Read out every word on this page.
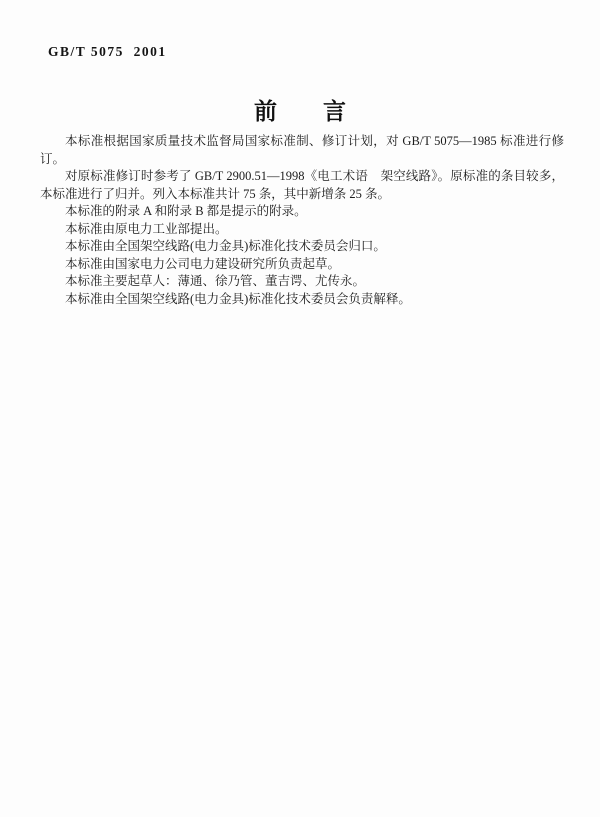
GB/T 5075  2001
前　　言

本标准根据国家质量技术监督局国家标准制、修订计划，对 GB/T 5075—1985 标准进行修订。

对原标准修订时参考了 GB/T 2900.51—1998《电工术语　架空线路》。原标准的条目较多，本标准进行了归并。列入本标准共计 75 条，其中新增条 25 条。

本标准的附录 A 和附录 B 都是提示的附录。

本标准由原电力工业部提出。

本标准由全国架空线路(电力金具)标准化技术委员会归口。

本标准由国家电力公司电力建设研究所负责起草。

本标准主要起草人：薄通、徐乃管、董吉谔、尤传永。

本标准由全国架空线路(电力金具)标准化技术委员会负责解释。
